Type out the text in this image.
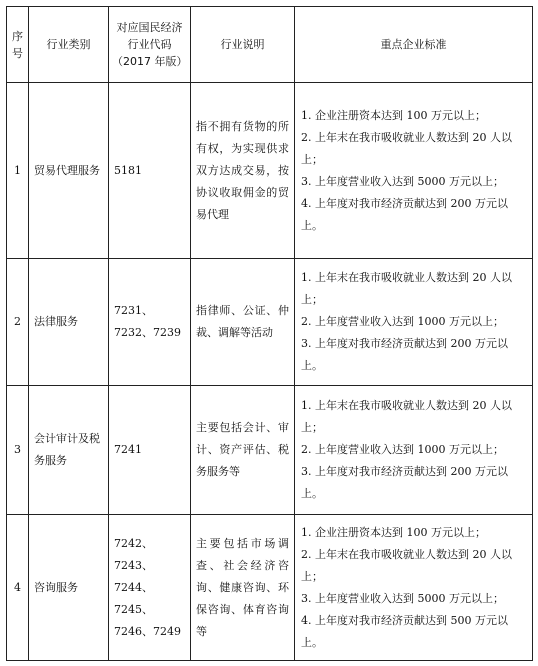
序号	行业类别	对应国民经济行业代码（2017 年版）	行业说明	重点企业标准
1	贸易代理服务	5181	指不拥有货物的所有权，为实现供求双方达成交易，按协议收取佣金的贸易代理	1. 企业注册资本达到 100 万元以上；
2. 上年末在我市吸收就业人数达到 20 人以上；
3. 上年度营业收入达到 5000 万元以上；
4. 上年度对我市经济贡献达到 200 万元以上。

2	法律服务	7231、7232、7239	指律师、公证、仲裁、调解等活动	1. 上年末在我市吸收就业人数达到 20 人以上；
2. 上年度营业收入达到 1000 万元以上；
3. 上年度对我市经济贡献达到 200 万元以上。

3	会计审计及税务服务	7241	主要包括会计、审计、资产评估、税务服务等	1. 上年末在我市吸收就业人数达到 20 人以上；
2. 上年度营业收入达到 1000 万元以上；
3. 上年度对我市经济贡献达到 200 万元以上。

4	咨询服务	7242、7243、7244、7245、7246、7249	主要包括市场调查、社会经济咨询、健康咨询、环保咨询、体育咨询等	1. 企业注册资本达到 100 万元以上；
2. 上年末在我市吸收就业人数达到 20 人以上；
3. 上年度营业收入达到 5000 万元以上；
4. 上年度对我市经济贡献达到 500 万元以上。
